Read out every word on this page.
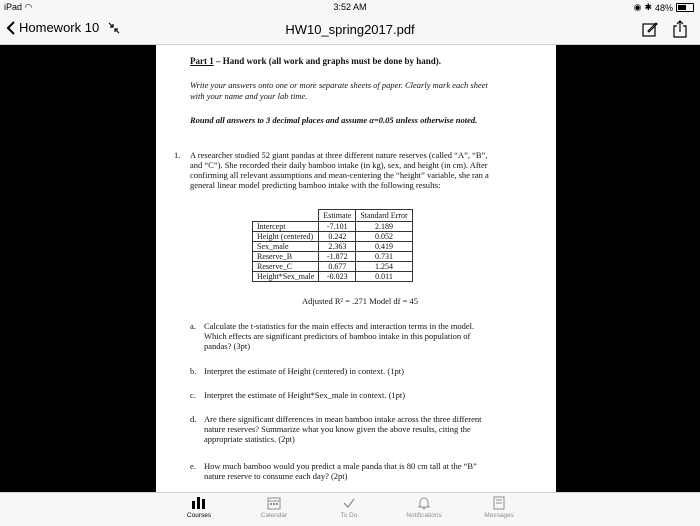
iPad ◠	3:52 AM	◉ ✱ 48%
Homework 10	HW10_spring2017.pdf
Part 1 – Hand work (all work and graphs must be done by hand).
Write your answers onto one or more separate sheets of paper. Clearly mark each sheet
with your name and your lab time.
Round all answers to 3 decimal places and assume α=0.05 unless otherwise noted.
1. A researcher studied 52 giant pandas at three different nature reserves (called “A”, “B”,
and “C”). She recorded their daily bamboo intake (in kg), sex, and height (in cm). After
confirming all relevant assumptions and mean-centering the “height” variable, she ran a
general linear model predicting bamboo intake with the following results:
	Estimate	Standard Error
Intercept	-7.101	2.189
Height (centered)	0.242	0.052
Sex_male	2.363	0.419
Reserve_B	-1.872	0.731
Reserve_C	0.677	1.254
Height*Sex_male	-0.023	0.011
Adjusted R² = .271 Model df = 45
a. Calculate the t-statistics for the main effects and interaction terms in the model.
Which effects are significant predictors of bamboo intake in this population of
pandas? (3pt)
b. Interpret the estimate of Height (centered) in context. (1pt)
c. Interpret the estimate of Height*Sex_male in context. (1pt)
d. Are there significant differences in mean bamboo intake across the three different
nature reserves? Summarize what you know given the above results, citing the
appropriate statistics. (2pt)
e. How much bamboo would you predict a male panda that is 80 cm tall at the “B”
nature reserve to consume each day? (2pt)
Courses	Calendar	To Do	Notifications	Messages
